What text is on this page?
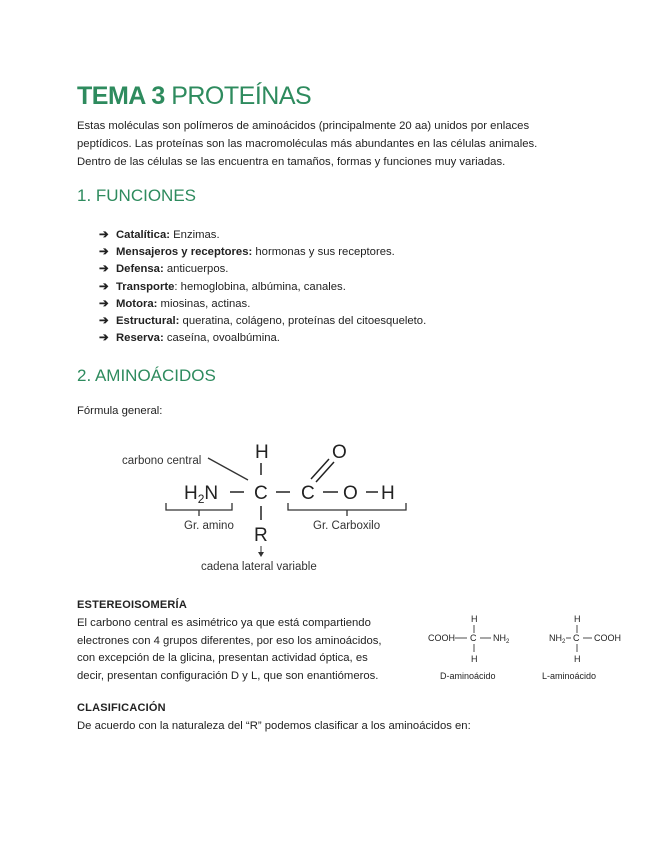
TEMA 3 PROTEÍNAS
Estas moléculas son polímeros de aminoácidos (principalmente 20 aa) unidos por enlaces
peptídicos. Las proteínas son las macromoléculas más abundantes en las células animales.
Dentro de las células se las encuentra en tamaños, formas y funciones muy variadas.
1. FUNCIONES
➔ Catalítica: Enzimas.
➔ Mensajeros y receptores: hormonas y sus receptores.
➔ Defensa: anticuerpos.
➔ Transporte: hemoglobina, albúmina, canales.
➔ Motora: miosinas, actinas.
➔ Estructural: queratina, colágeno, proteínas del citoesqueleto.
➔ Reserva: caseína, ovoalbúmina.
2. AMINOÁCIDOS
Fórmula general:
ESTEREOISOMERÍA
El carbono central es asimétrico ya que está compartiendo
electrones con 4 grupos diferentes, por eso los aminoácidos,
con excepción de la glicina, presentan actividad óptica, es
decir, presentan configuración D y L, que son enantiómeros.
CLASIFICACIÓN
De acuerdo con la naturaleza del “R” podemos clasificar a los aminoácidos en:
carbono central	H
$H_2N$ C C
O
O H
R
Gr. amino	Gr. Carboxilo
cadena lateral variable
H
COOH C $NH_2$
H
D-aminoácido
H
$NH_2$ C COOH
H
L-aminoácido
